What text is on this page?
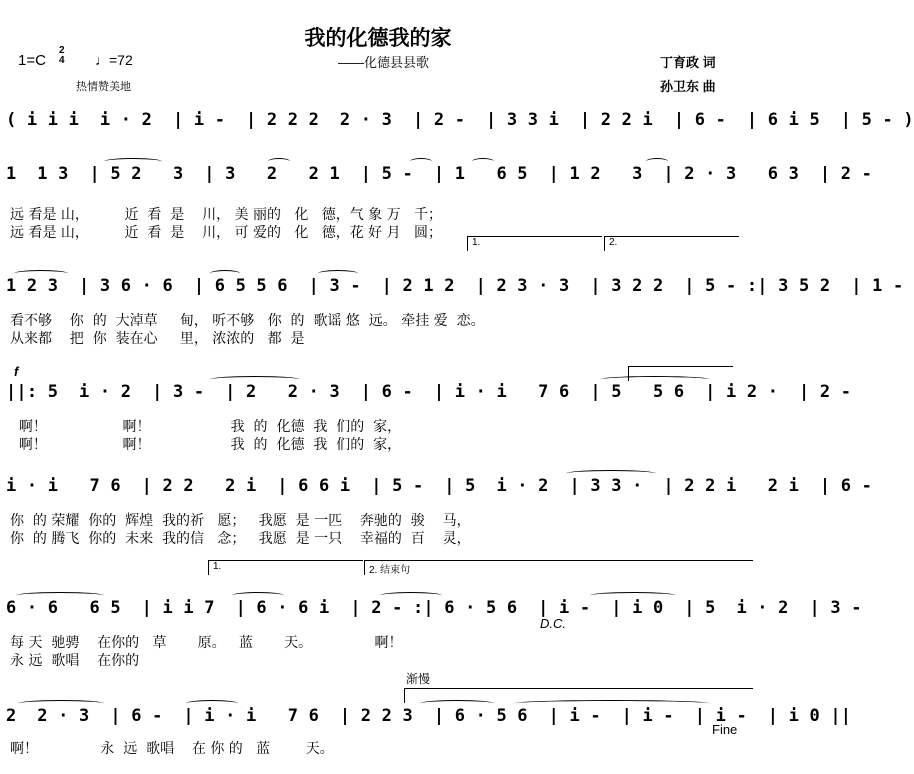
我的化德我的家
——化德县县歌
1=C
2
4 ♩=72
热情赞美地
丁育政 词
孙卫东 曲
( i i i  i · 2  | i -  | 2 2 2  2 · 3  | 2 -  | 3 3 i  | 2 2 i  | 6 -  | 6 i 5  | 5 - )
1  1 3  | 5 2   3  | 3   2   2 1  | 5 -  | 1   6 5  | 1 2   3  | 2 · 3   6 3  | 2 -
远 看是 山，        近  看  是    川， 美 丽的   化   德，气 象 万   千；
远 看是 山，        近  看  是    川， 可 爱的   化   德，花 好 月   圆；
1.	2.
1 2 3  | 3 6 · 6  | 6 5 5 6  | 3 -  | 2 1 2  | 2 3 · 3  | 3 2 2  | 5 - :| 3 5 2  | 1 -
看不够    你  的  大淖草     甸， 听不够   你  的  歌谣 悠  远。 牵挂 爱  恋。
从来都    把  你  装在心     里， 浓浓的   都  是
f
||: 5  i · 2  | 3 -  | 2   2 · 3  | 6 -  | i · i   7 6  | 5   5 6  | i 2 ·  | 2 -
啊！                 啊！                  我  的  化德  我  们的  家，
啊！                 啊！                  我  的  化德  我  们的  家，
i · i   7 6  | 2 2   2 i  | 6 6 i  | 5 -  | 5  i · 2  | 3 3 ·  | 2 2 i   2 i  | 6 -
你  的 荣耀  你的  辉煌  我的祈   愿；   我愿  是 一匹    奔驰的  骏    马，
你  的 腾飞  你的  未来  我的信   念；   我愿  是 一只    幸福的  百    灵，
1.	2. 结束句
6 · 6   6 5  | i i 7  | 6 · 6 i  | 2 - :| 6 · 5 6  | i -  | i 0  | 5  i · 2  | 3 -
D.C.
每 天  驰骋    在你的   草       原。   蓝       天。              啊！
永 远  歌唱    在你的
渐慢
2  2 · 3  | 6 -  | i · i   7 6  | 2 2 3  | 6 · 5 6  | i -  | i -  | i -  | i 0 ||
Fine
啊！              永  远  歌唱    在 你 的   蓝        天。
